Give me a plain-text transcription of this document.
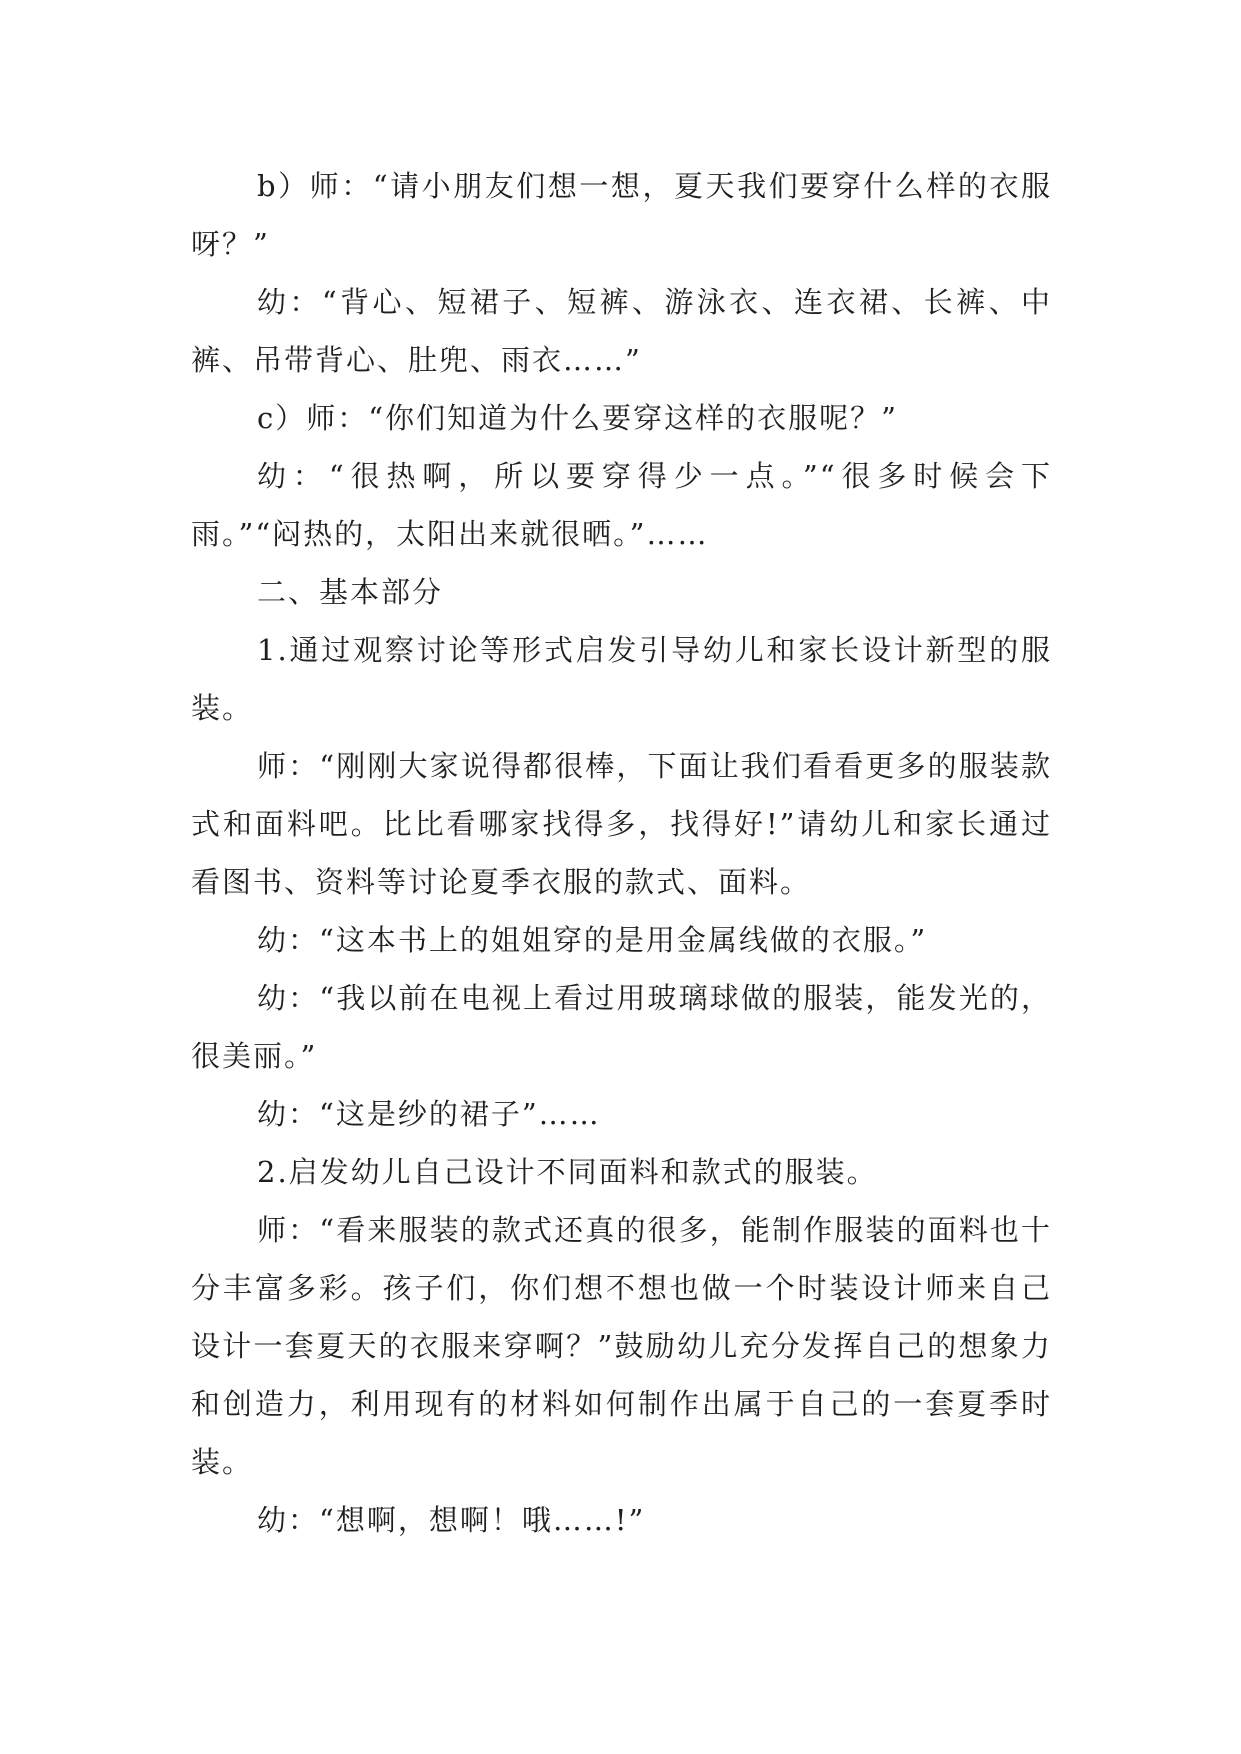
b）师：“请小朋友们想一想，夏天我们要穿什么样的衣服呀？”

幼：“背心、短裙子、短裤、游泳衣、连衣裙、长裤、中裤、吊带背心、肚兜、雨衣……”

c）师：“你们知道为什么要穿这样的衣服呢？”

幼：“很热啊，所以要穿得少一点。”“很多时候会下雨。”“闷热的，太阳出来就很晒。”……

二、基本部分

1.通过观察讨论等形式启发引导幼儿和家长设计新型的服装。

师：“刚刚大家说得都很棒，下面让我们看看更多的服装款式和面料吧。比比看哪家找得多，找得好!”请幼儿和家长通过看图书、资料等讨论夏季衣服的款式、面料。

幼：“这本书上的姐姐穿的是用金属线做的衣服。”

幼：“我以前在电视上看过用玻璃球做的服装，能发光的，很美丽。”

幼：“这是纱的裙子”……

2.启发幼儿自己设计不同面料和款式的服装。

师：“看来服装的款式还真的很多，能制作服装的面料也十分丰富多彩。孩子们，你们想不想也做一个时装设计师来自己设计一套夏天的衣服来穿啊？”鼓励幼儿充分发挥自己的想象力和创造力，利用现有的材料如何制作出属于自己的一套夏季时装。

幼：“想啊，想啊！哦……!”
